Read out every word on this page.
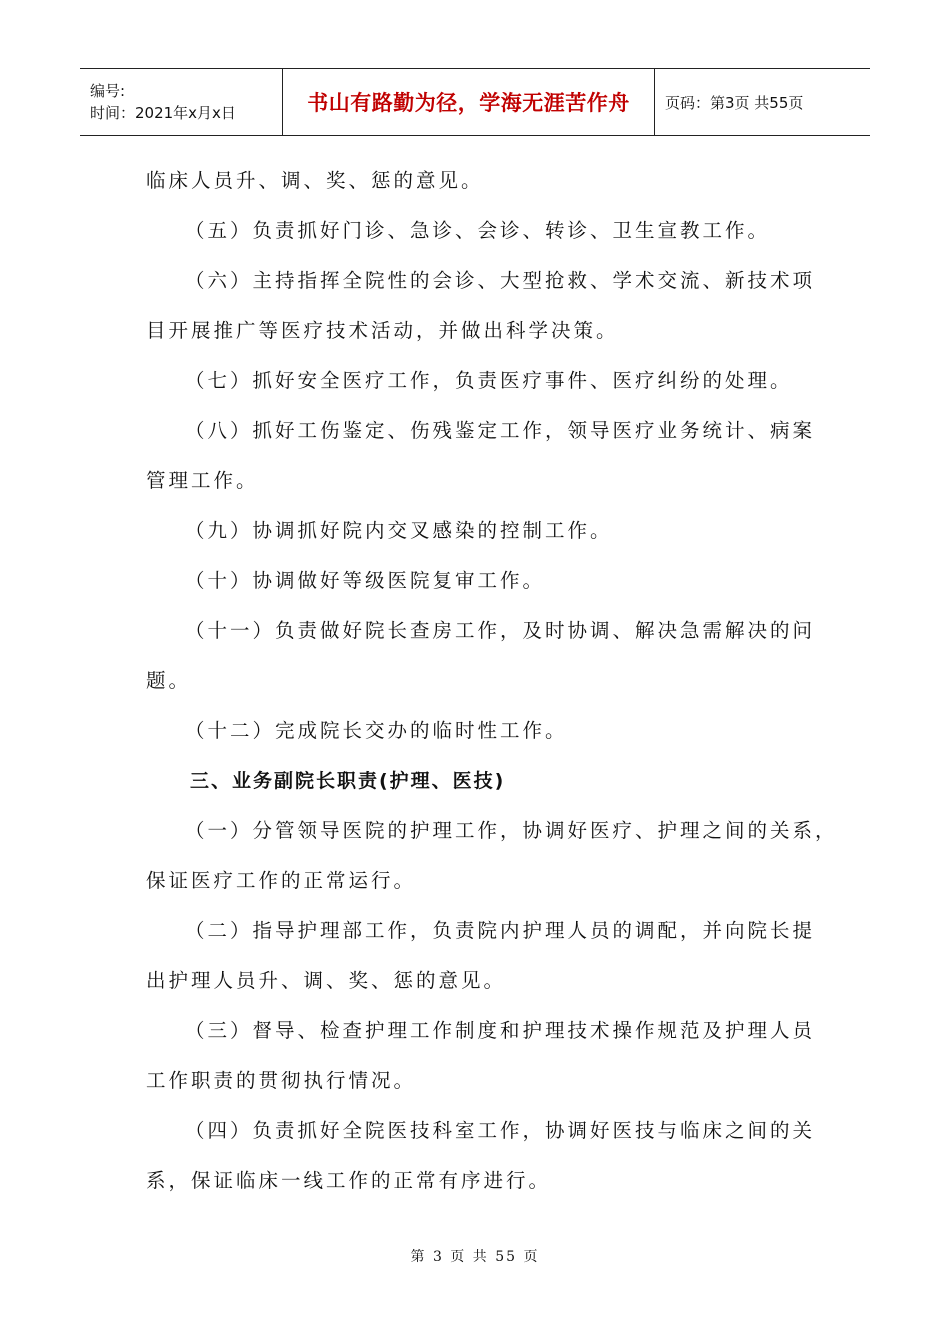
编号:
时间：2021年x月x日	书山有路勤为径，学海无涯苦作舟	页码：第3页 共55页
临床人员升、调、奖、惩的意见。
（五）负责抓好门诊、急诊、会诊、转诊、卫生宣教工作。
（六）主持指挥全院性的会诊、大型抢救、学术交流、新技术项
目开展推广等医疗技术活动，并做出科学决策。
（七）抓好安全医疗工作，负责医疗事件、医疗纠纷的处理。
（八）抓好工伤鉴定、伤残鉴定工作，领导医疗业务统计、病案
管理工作。
（九）协调抓好院内交叉感染的控制工作。
（十）协调做好等级医院复审工作。
（十一）负责做好院长查房工作，及时协调、解决急需解决的问
题。
（十二）完成院长交办的临时性工作。
三、业务副院长职责(护理、医技)
（一）分管领导医院的护理工作，协调好医疗、护理之间的关系，
保证医疗工作的正常运行。
（二）指导护理部工作，负责院内护理人员的调配，并向院长提
出护理人员升、调、奖、惩的意见。
（三）督导、检查护理工作制度和护理技术操作规范及护理人员
工作职责的贯彻执行情况。
（四）负责抓好全院医技科室工作，协调好医技与临床之间的关
系，保证临床一线工作的正常有序进行。
第 3 页 共 55 页
